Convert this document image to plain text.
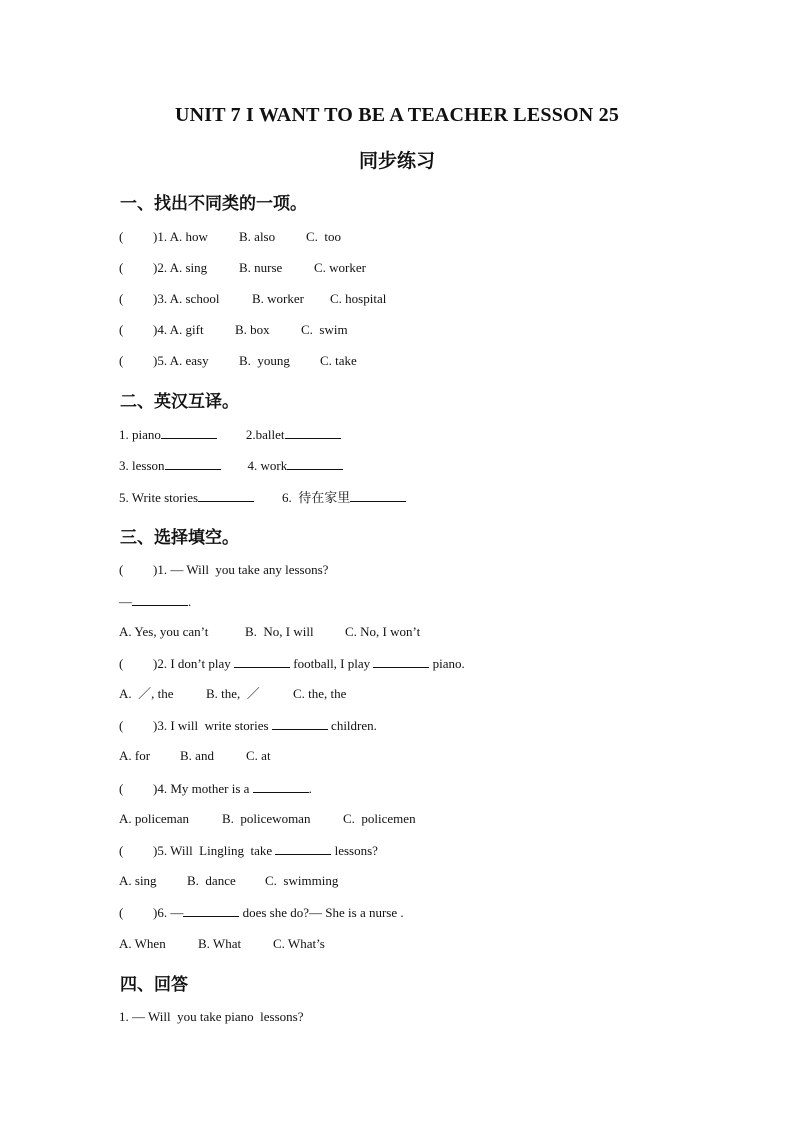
UNIT 7 I WANT TO BE A TEACHER LESSON 25
同步练习
一、找出不同类的一项。
( )1. A. how B. also C.  too
( )2. A. sing B. nurse C. worker
( )3. A. school	B. worker C. hospital
( )4. A. gift B. box C.  swim
( )5. A. easy B.  young C. take
二、英汉互译。
1. piano	2.ballet
3. lesson	4. work
5. Write stories	6.  待在家里
三、选择填空。
( )1. — Will  you take any lessons?
—	.
A. Yes, you can’t	B.  No, I will C. No, I won’t
( )2. I don’t play	football, I play	piano.
A.  ／, the B. the,  ／	C. the, the
( )3. I will  write stories	children.
A. for B. and C. at
( )4. My mother is a	.
A. policeman	B.  policewoman	C.  policemen
( )5. Will  Lingling  take	lessons?
A. sing B.  dance C.  swimming
( )6. —	does she do?— She is a nurse .
A. When B. What C. What’s
四、回答
1. — Will  you take piano  lessons?
